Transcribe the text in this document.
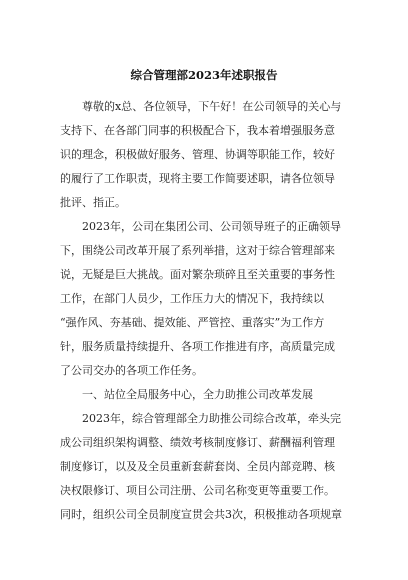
综合管理部2023年述职报告
尊敬的x总、各位领导，下午好！在公司领导的关心与
支持下、在各部门同事的积极配合下，我本着增强服务意
识的理念，积极做好服务、管理、协调等职能工作，较好
的履行了工作职责，现将主要工作简要述职，请各位领导
批评、指正。
2023年，公司在集团公司、公司领导班子的正确领导
下，围绕公司改革开展了系列举措，这对于综合管理部来
说，无疑是巨大挑战。面对繁杂琐碎且至关重要的事务性
工作，在部门人员少，工作压力大的情况下，我持续以
“强作风、夯基础、提效能、严管控、重落实”为工作方
针，服务质量持续提升、各项工作推进有序，高质量完成
了公司交办的各项工作任务。
一、站位全局服务中心，全力助推公司改革发展
2023年，综合管理部全力助推公司综合改革，牵头完
成公司组织架构调整、绩效考核制度修订、薪酬福利管理
制度修订，以及及全员重新套薪套岗、全员内部竞聘、核
决权限修订、项目公司注册、公司名称变更等重要工作。
同时，组织公司全员制度宣贯会共3次，积极推动各项规章
